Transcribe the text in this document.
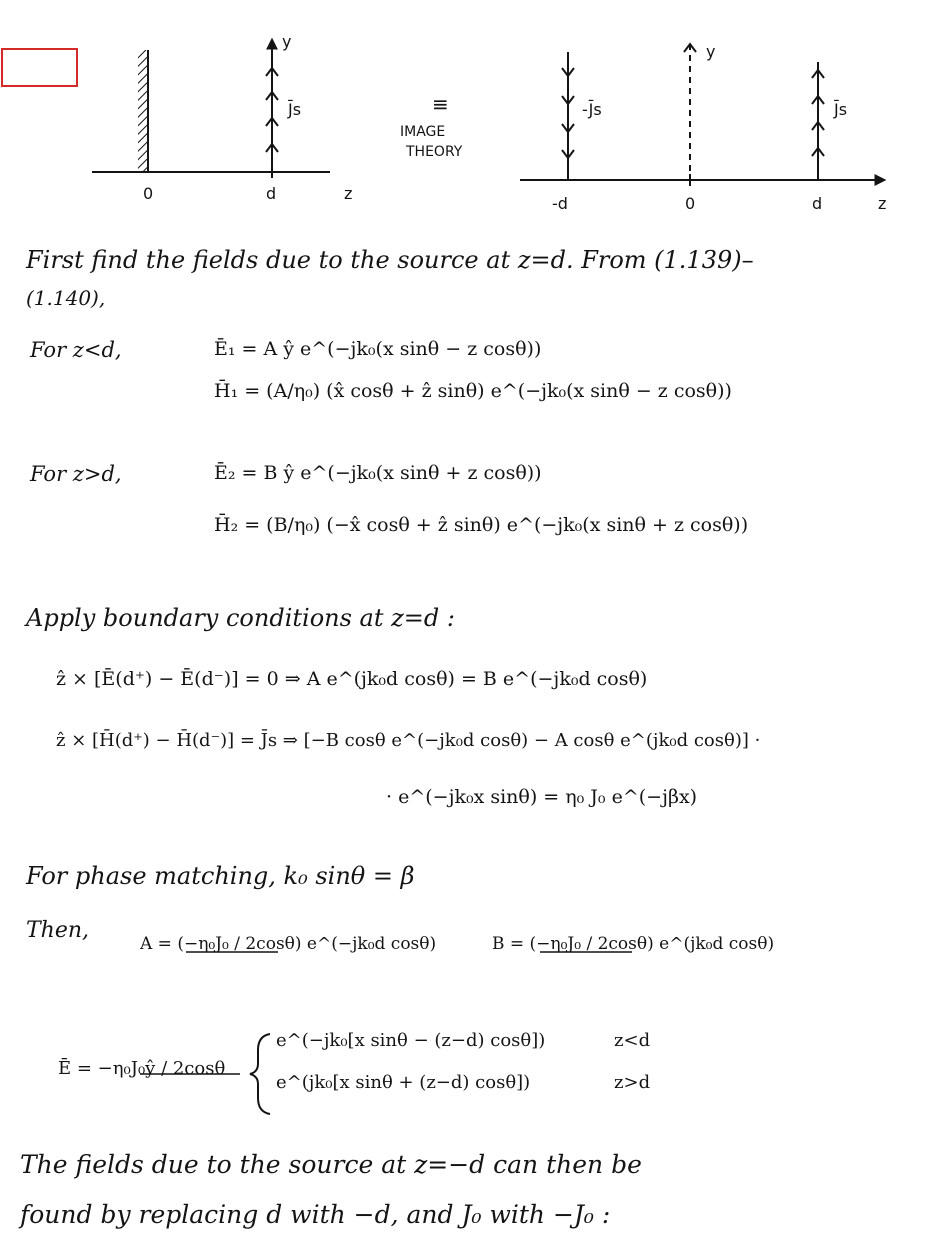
y
J̄s
0	d	z
≡
IMAGE
THEORY
y
-J̄s	J̄s
-d	0	d	z
First find the fields due to the source at z=d. From (1.139)–
(1.140),
For z<d,	Ē₁ = A ŷ e^(−jk₀(x sinθ − z cosθ))
H̄₁ = (A/η₀) (x̂ cosθ + ẑ sinθ) e^(−jk₀(x sinθ − z cosθ))
For z>d,	Ē₂ = B ŷ e^(−jk₀(x sinθ + z cosθ))
H̄₂ = (B/η₀) (−x̂ cosθ + ẑ sinθ) e^(−jk₀(x sinθ + z cosθ))
Apply boundary conditions at z=d :
ẑ × [Ē(d⁺) − Ē(d⁻)] = 0 ⇒ A e^(jk₀d cosθ) = B e^(−jk₀d cosθ)
ẑ × [H̄(d⁺) − H̄(d⁻)] = J̄s ⇒ [−B cosθ e^(−jk₀d cosθ) − A cosθ e^(jk₀d cosθ)] ·
· e^(−jk₀x sinθ) = η₀ J₀ e^(−jβx)
For phase matching, k₀ sinθ = β
Then,
A = (−η₀J₀ / 2cosθ) e^(−jk₀d cosθ)	B = (−η₀J₀ / 2cosθ) e^(jk₀d cosθ)
Ē = −η₀J₀ŷ / 2cosθ
e^(−jk₀[x sinθ − (z−d) cosθ])	z<d
e^(jk₀[x sinθ + (z−d) cosθ])	z>d
The fields due to the source at z=−d can then be
found by replacing d with −d, and J₀ with −J₀ :
